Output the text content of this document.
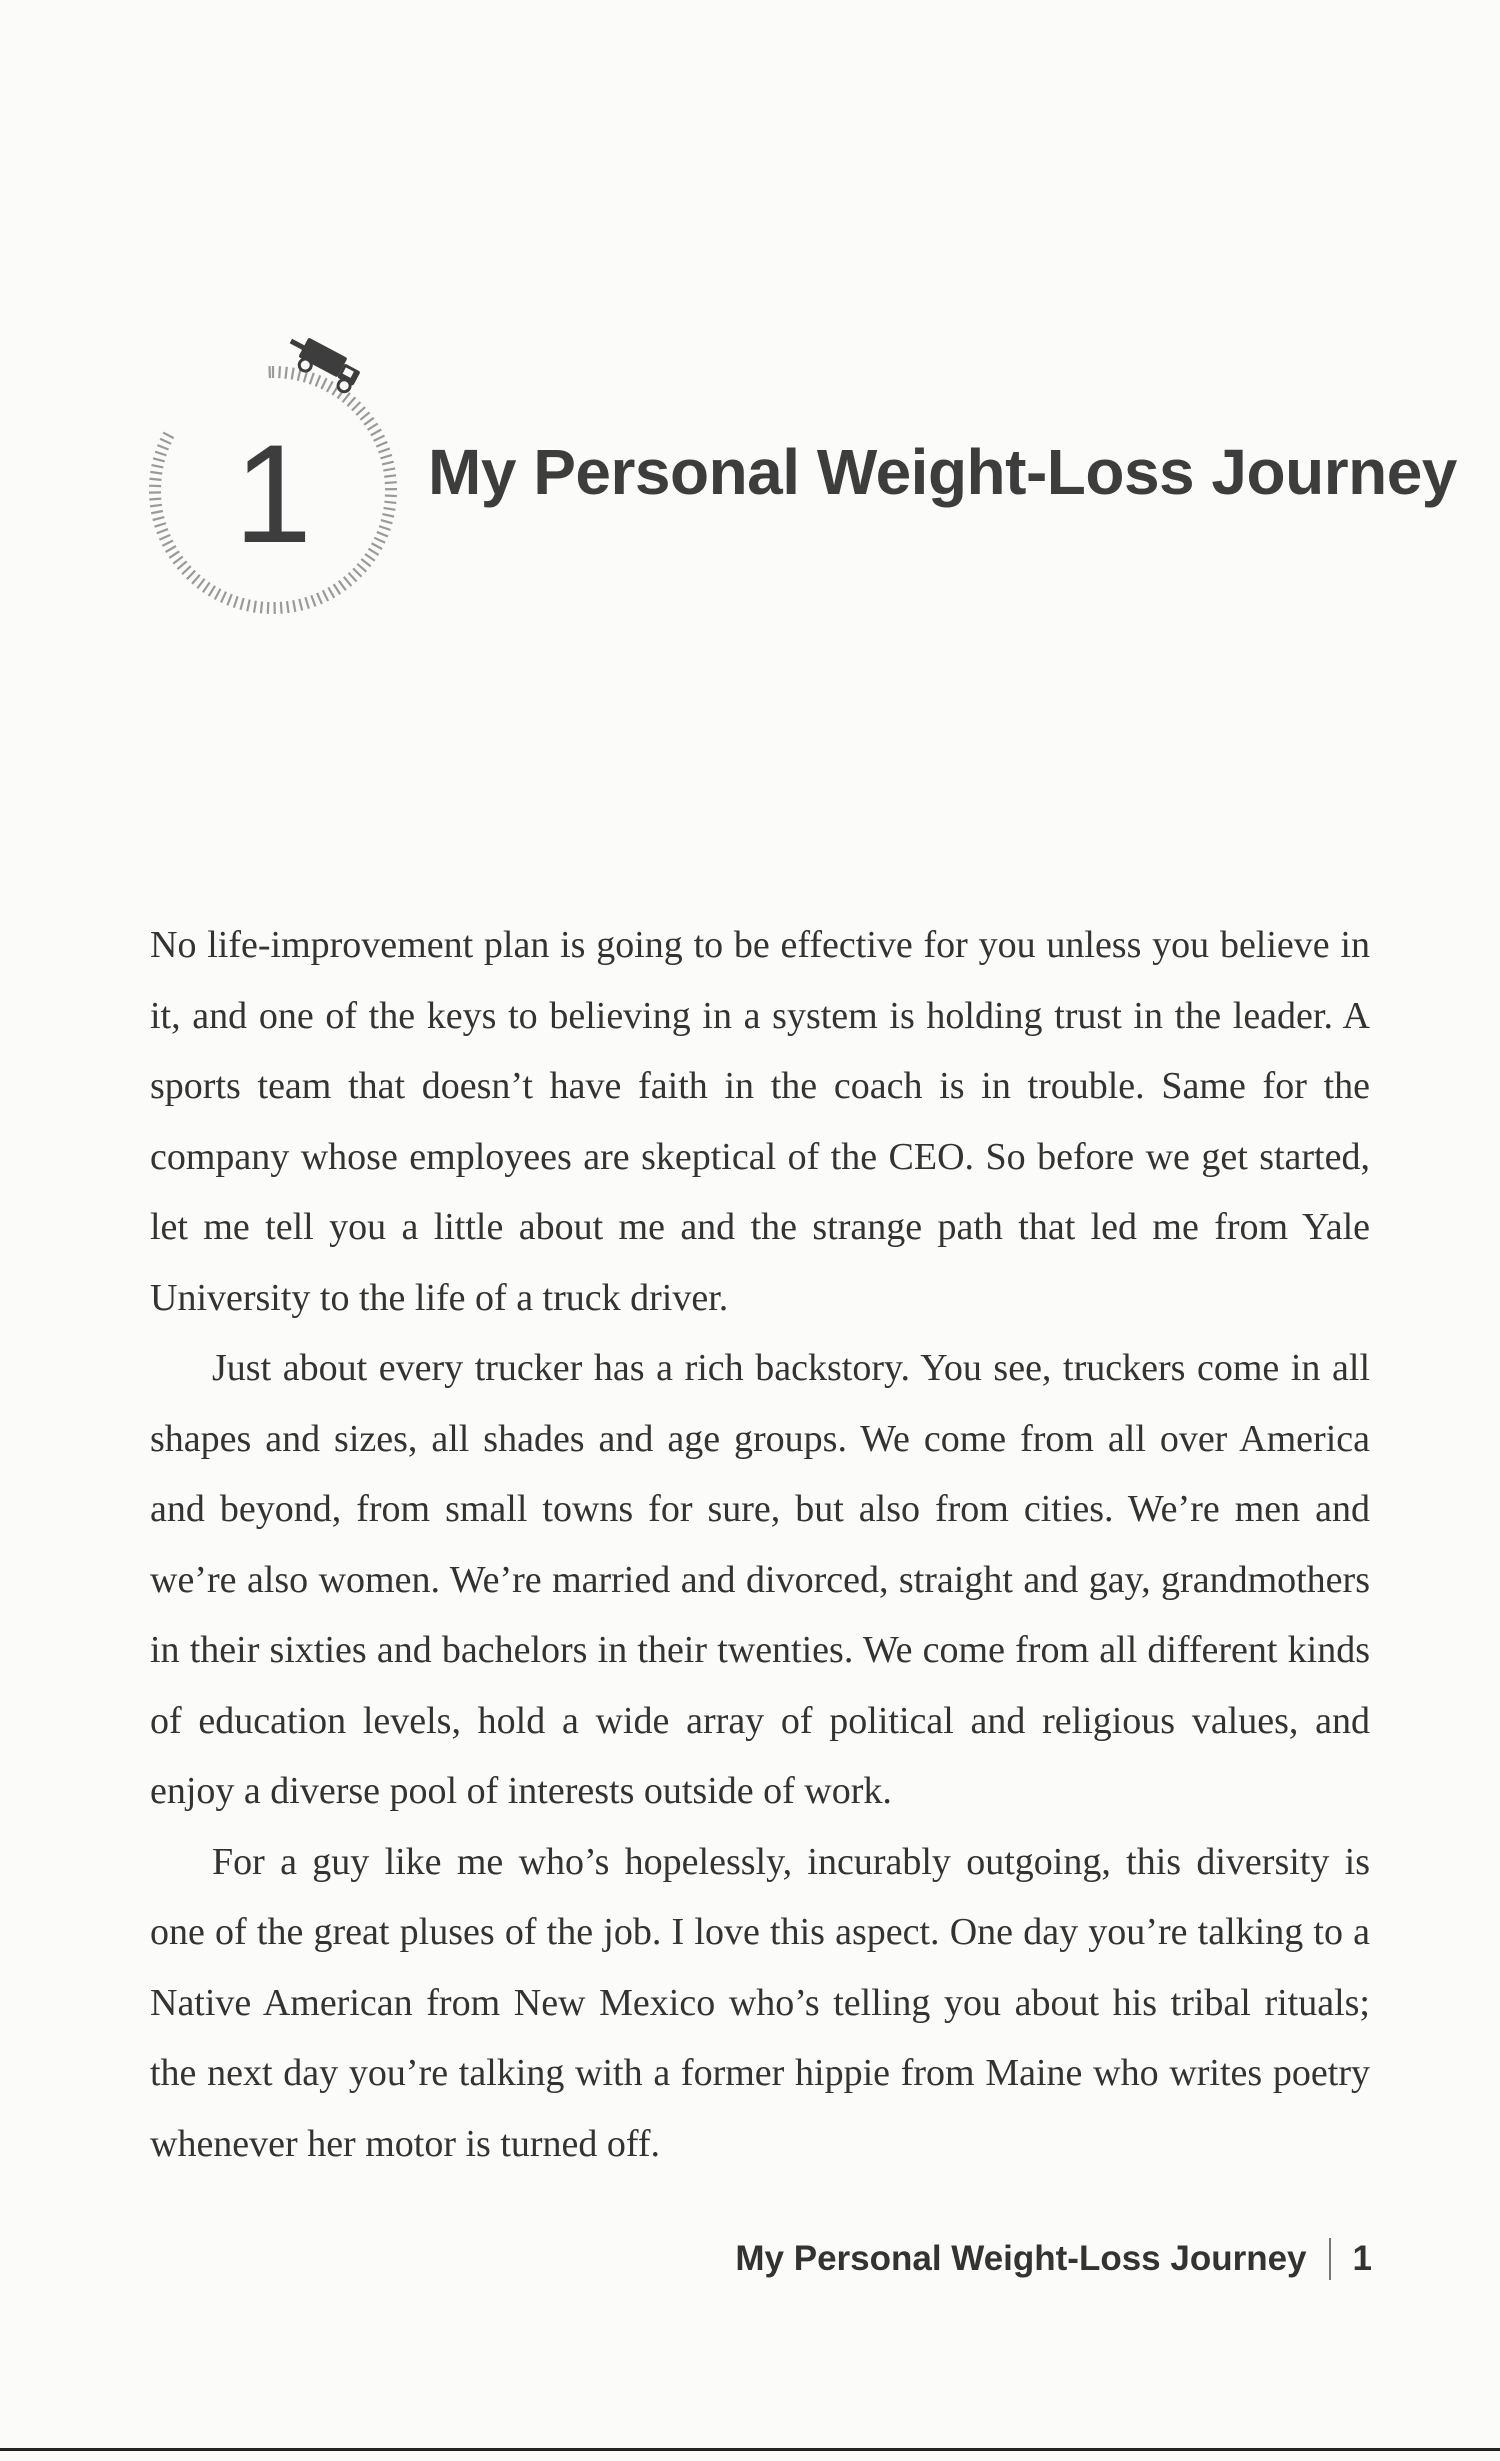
1 My Personal Weight-Loss Journey

No life-improvement plan is going to be effective for you unless you believe in it, and one of the keys to believing in a system is holding trust in the leader. A sports team that doesn’t have faith in the coach is in trouble. Same for the company whose employees are skeptical of the CEO. So before we get started, let me tell you a little about me and the strange path that led me from Yale University to the life of a truck driver.

Just about every trucker has a rich backstory. You see, truckers come in all shapes and sizes, all shades and age groups. We come from all over America and beyond, from small towns for sure, but also from cities. We’re men and we’re also women. We’re married and divorced, straight and gay, grandmothers in their sixties and bachelors in their twenties. We come from all different kinds of education levels, hold a wide array of political and religious values, and enjoy a diverse pool of interests outside of work.

For a guy like me who’s hopelessly, incurably outgoing, this diversity is one of the great pluses of the job. I love this aspect. One day you’re talking to a Native American from New Mexico who’s telling you about his tribal rituals; the next day you’re talking with a former hippie from Maine who writes poetry whenever her motor is turned off.

My Personal Weight-Loss Journey 1
